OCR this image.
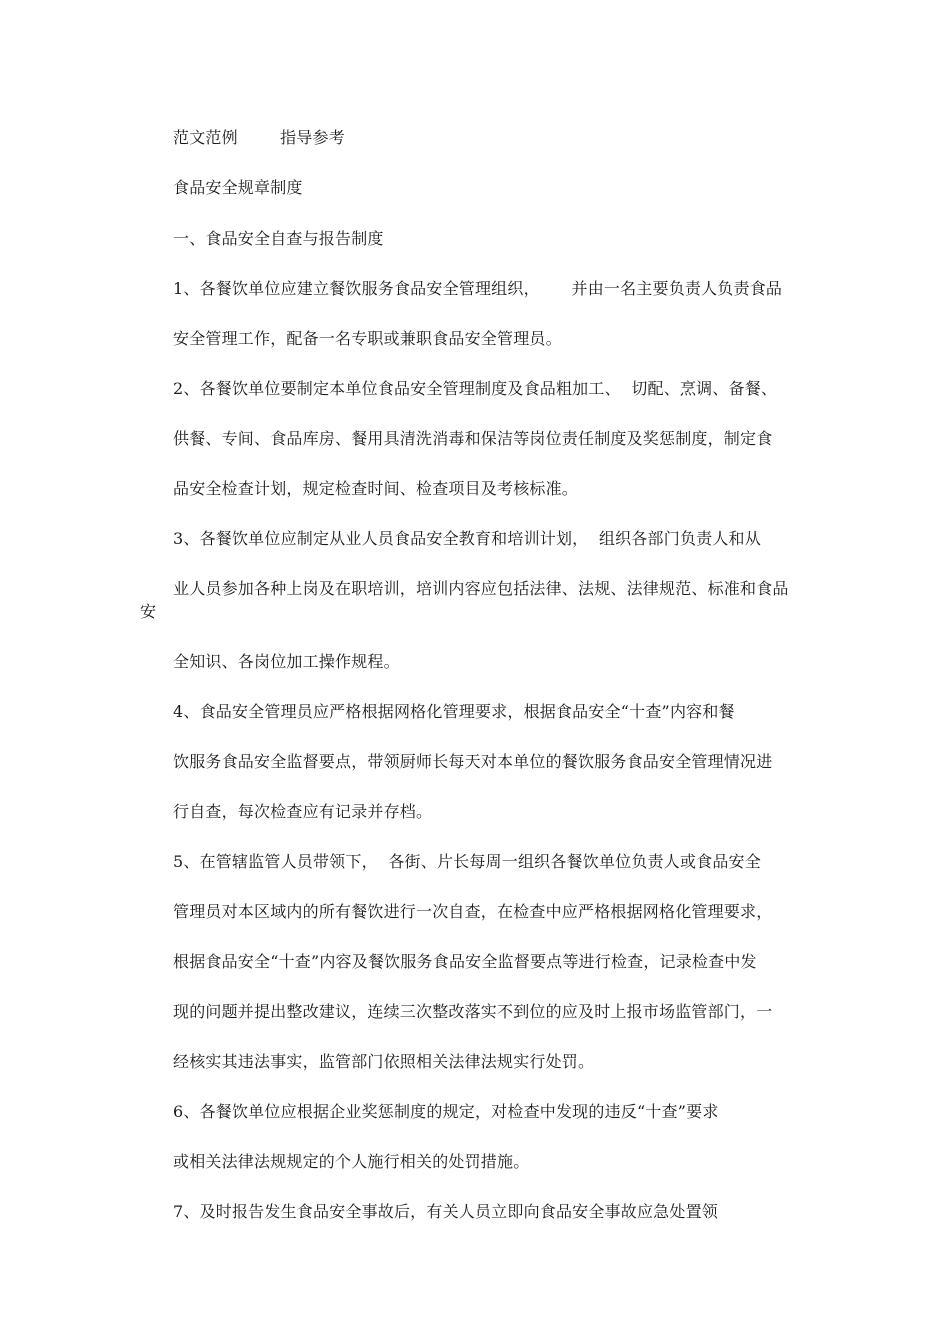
范文范例	指导参考
食品安全规章制度
一、食品安全自查与报告制度
1、各餐饮单位应建立餐饮服务食品安全管理组织，      并由一名主要负责人负责食品
安全管理工作，配备一名专职或兼职食品安全管理员。
2、各餐饮单位要制定本单位食品安全管理制度及食品粗加工、  切配、烹调、备餐、
供餐、专间、食品库房、餐用具清洗消毒和保洁等岗位责任制度及奖惩制度，制定食
品安全检查计划，规定检查时间、检查项目及考核标准。
3、各餐饮单位应制定从业人员食品安全教育和培训计划，  组织各部门负责人和从
业人员参加各种上岗及在职培训，培训内容应包括法律、法规、法律规范、标准和食品
安
全知识、各岗位加工操作规程。
4、食品安全管理员应严格根据网格化管理要求，根据食品安全“十查”内容和餐
饮服务食品安全监督要点，带领厨师长每天对本单位的餐饮服务食品安全管理情况进
行自查，每次检查应有记录并存档。
5、在管辖监管人员带领下，  各街、片长每周一组织各餐饮单位负责人或食品安全
管理员对本区域内的所有餐饮进行一次自查，在检查中应严格根据网格化管理要求，
根据食品安全“十查”内容及餐饮服务食品安全监督要点等进行检查，记录检查中发
现的问题并提出整改建议，连续三次整改落实不到位的应及时上报市场监管部门，一
经核实其违法事实，监管部门依照相关法律法规实行处罚。
6、各餐饮单位应根据企业奖惩制度的规定，对检查中发现的违反“十查”要求
或相关法律法规规定的个人施行相关的处罚措施。
7、及时报告发生食品安全事故后，有关人员立即向食品安全事故应急处置领
